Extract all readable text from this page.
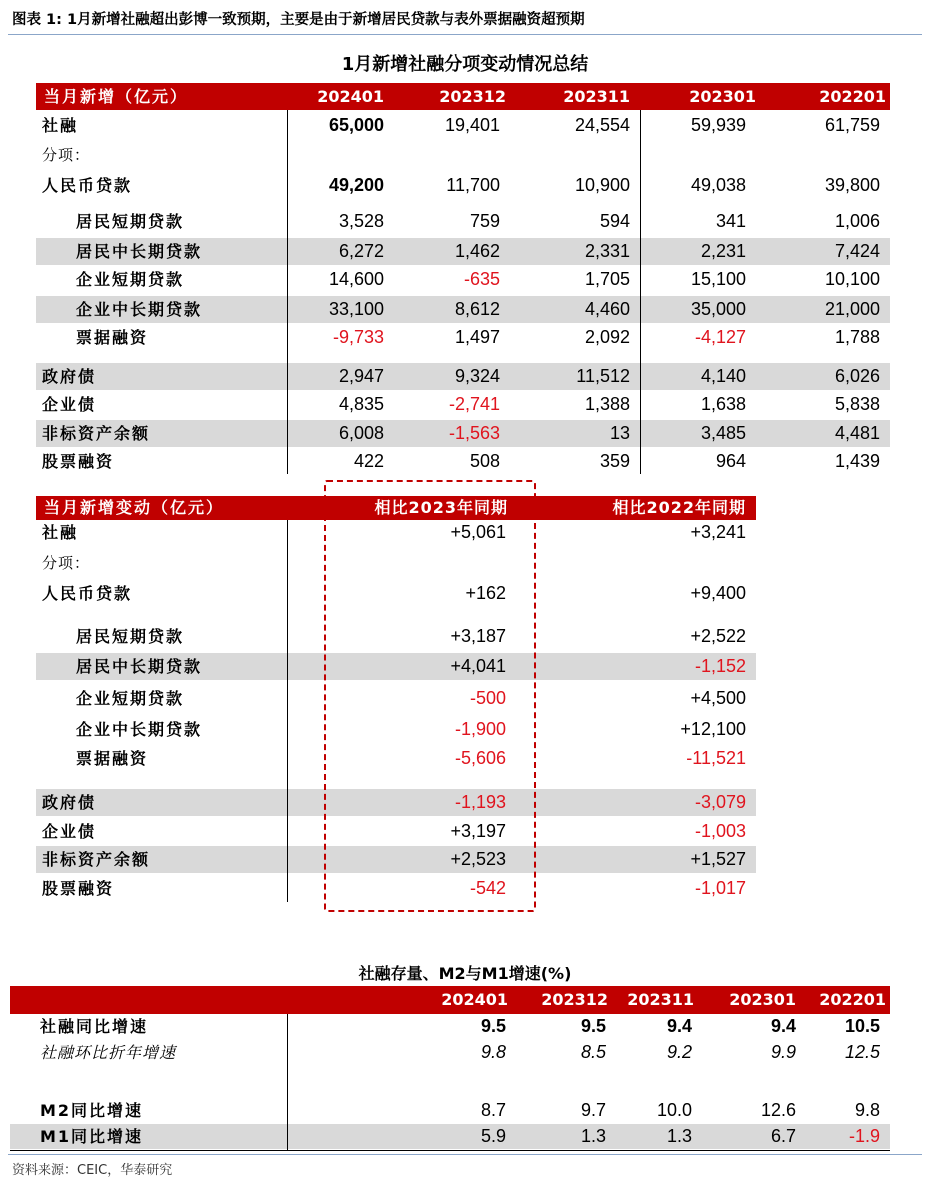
图表 1: 1月新增社融超出彭博一致预期，主要是由于新增居民贷款与表外票据融资超预期
1月新增社融分项变动情况总结
当月新增（亿元）	202401	202312	202311	202301	202201
社融	65,000	19,401	24,554	59,939	61,759
分项：
人民币贷款	49,200	11,700	10,900	49,038	39,800
居民短期贷款	3,528	759	594	341	1,006
居民中长期贷款	6,272	1,462	2,331	2,231	7,424
企业短期贷款	14,600	-635	1,705	15,100	10,100
企业中长期贷款	33,100	8,612	4,460	35,000	21,000
票据融资	-9,733	1,497	2,092	-4,127	1,788
政府债	2,947	9,324	11,512	4,140	6,026
企业债	4,835	-2,741	1,388	1,638	5,838
非标资产余额	6,008	-1,563	13	3,485	4,481
股票融资	422	508	359	964	1,439
当月新增变动（亿元）	相比2023年同期	相比2022年同期
社融	+5,061	+3,241
分项：
人民币贷款	+162	+9,400
居民短期贷款	+3,187	+2,522
居民中长期贷款	+4,041	-1,152
企业短期贷款	-500	+4,500
企业中长期贷款	-1,900	+12,100
票据融资	-5,606	-11,521
政府债	-1,193	-3,079
企业债	+3,197	-1,003
非标资产余额	+2,523	+1,527
股票融资	-542	-1,017
社融存量、M2与M1增速(%)
202401 202312 202311 202301 202201
社融同比增速	9.5	9.5	9.4	9.4	10.5
社融环比折年增速	9.8	8.5	9.2	9.9	12.5
M2同比增速	8.7	9.7	10.0	12.6	9.8
M1同比增速	5.9	1.3	1.3	6.7	-1.9
资料来源：CEIC，华泰研究
